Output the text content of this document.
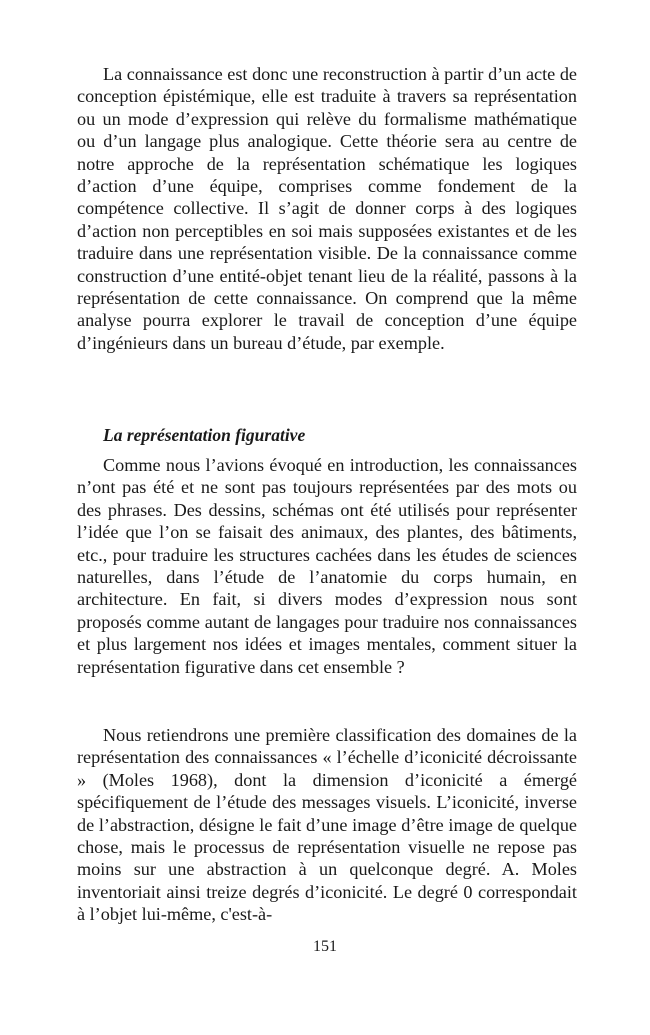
La connaissance est donc une reconstruction à partir d’un acte de conception épistémique, elle est traduite à travers sa représentation ou un mode d’expression qui relève du formalisme mathématique ou d’un langage plus analogique. Cette théorie sera au centre de notre approche de la représentation schématique les logiques d’action d’une équipe, comprises comme fondement de la compétence collective. Il s’agit de donner corps à des logiques d’action non perceptibles en soi mais supposées existantes et de les traduire dans une représentation visible. De la connaissance comme construction d’une entité-objet tenant lieu de la réalité, passons à la représentation de cette connaissance. On comprend que la même analyse pourra explorer le travail de conception d’une équipe d’ingénieurs dans un bureau d’étude, par exemple.

La représentation figurative

Comme nous l’avions évoqué en introduction, les connaissances n’ont pas été et ne sont pas toujours représentées par des mots ou des phrases. Des dessins, schémas ont été utilisés pour représenter l’idée que l’on se faisait des animaux, des plantes, des bâtiments, etc., pour traduire les structures cachées dans les études de sciences naturelles, dans l’étude de l’anatomie du corps humain, en architecture. En fait, si divers modes d’expression nous sont proposés comme autant de langages pour traduire nos connaissances et plus largement nos idées et images mentales, comment situer la représentation figurative dans cet ensemble ?

Nous retiendrons une première classification des domaines de la représentation des connaissances « l’échelle d’iconicité décroissante » (Moles 1968), dont la dimension d’iconicité a émergé spécifiquement de l’étude des messages visuels. L’iconicité, inverse de l’abstraction, désigne le fait d’une image d’être image de quelque chose, mais le processus de représentation visuelle ne repose pas moins sur une abstraction à un quelconque degré. A. Moles inventoriait ainsi treize degrés d’iconicité. Le degré 0 correspondait à l’objet lui-même, c'est-à-

151
